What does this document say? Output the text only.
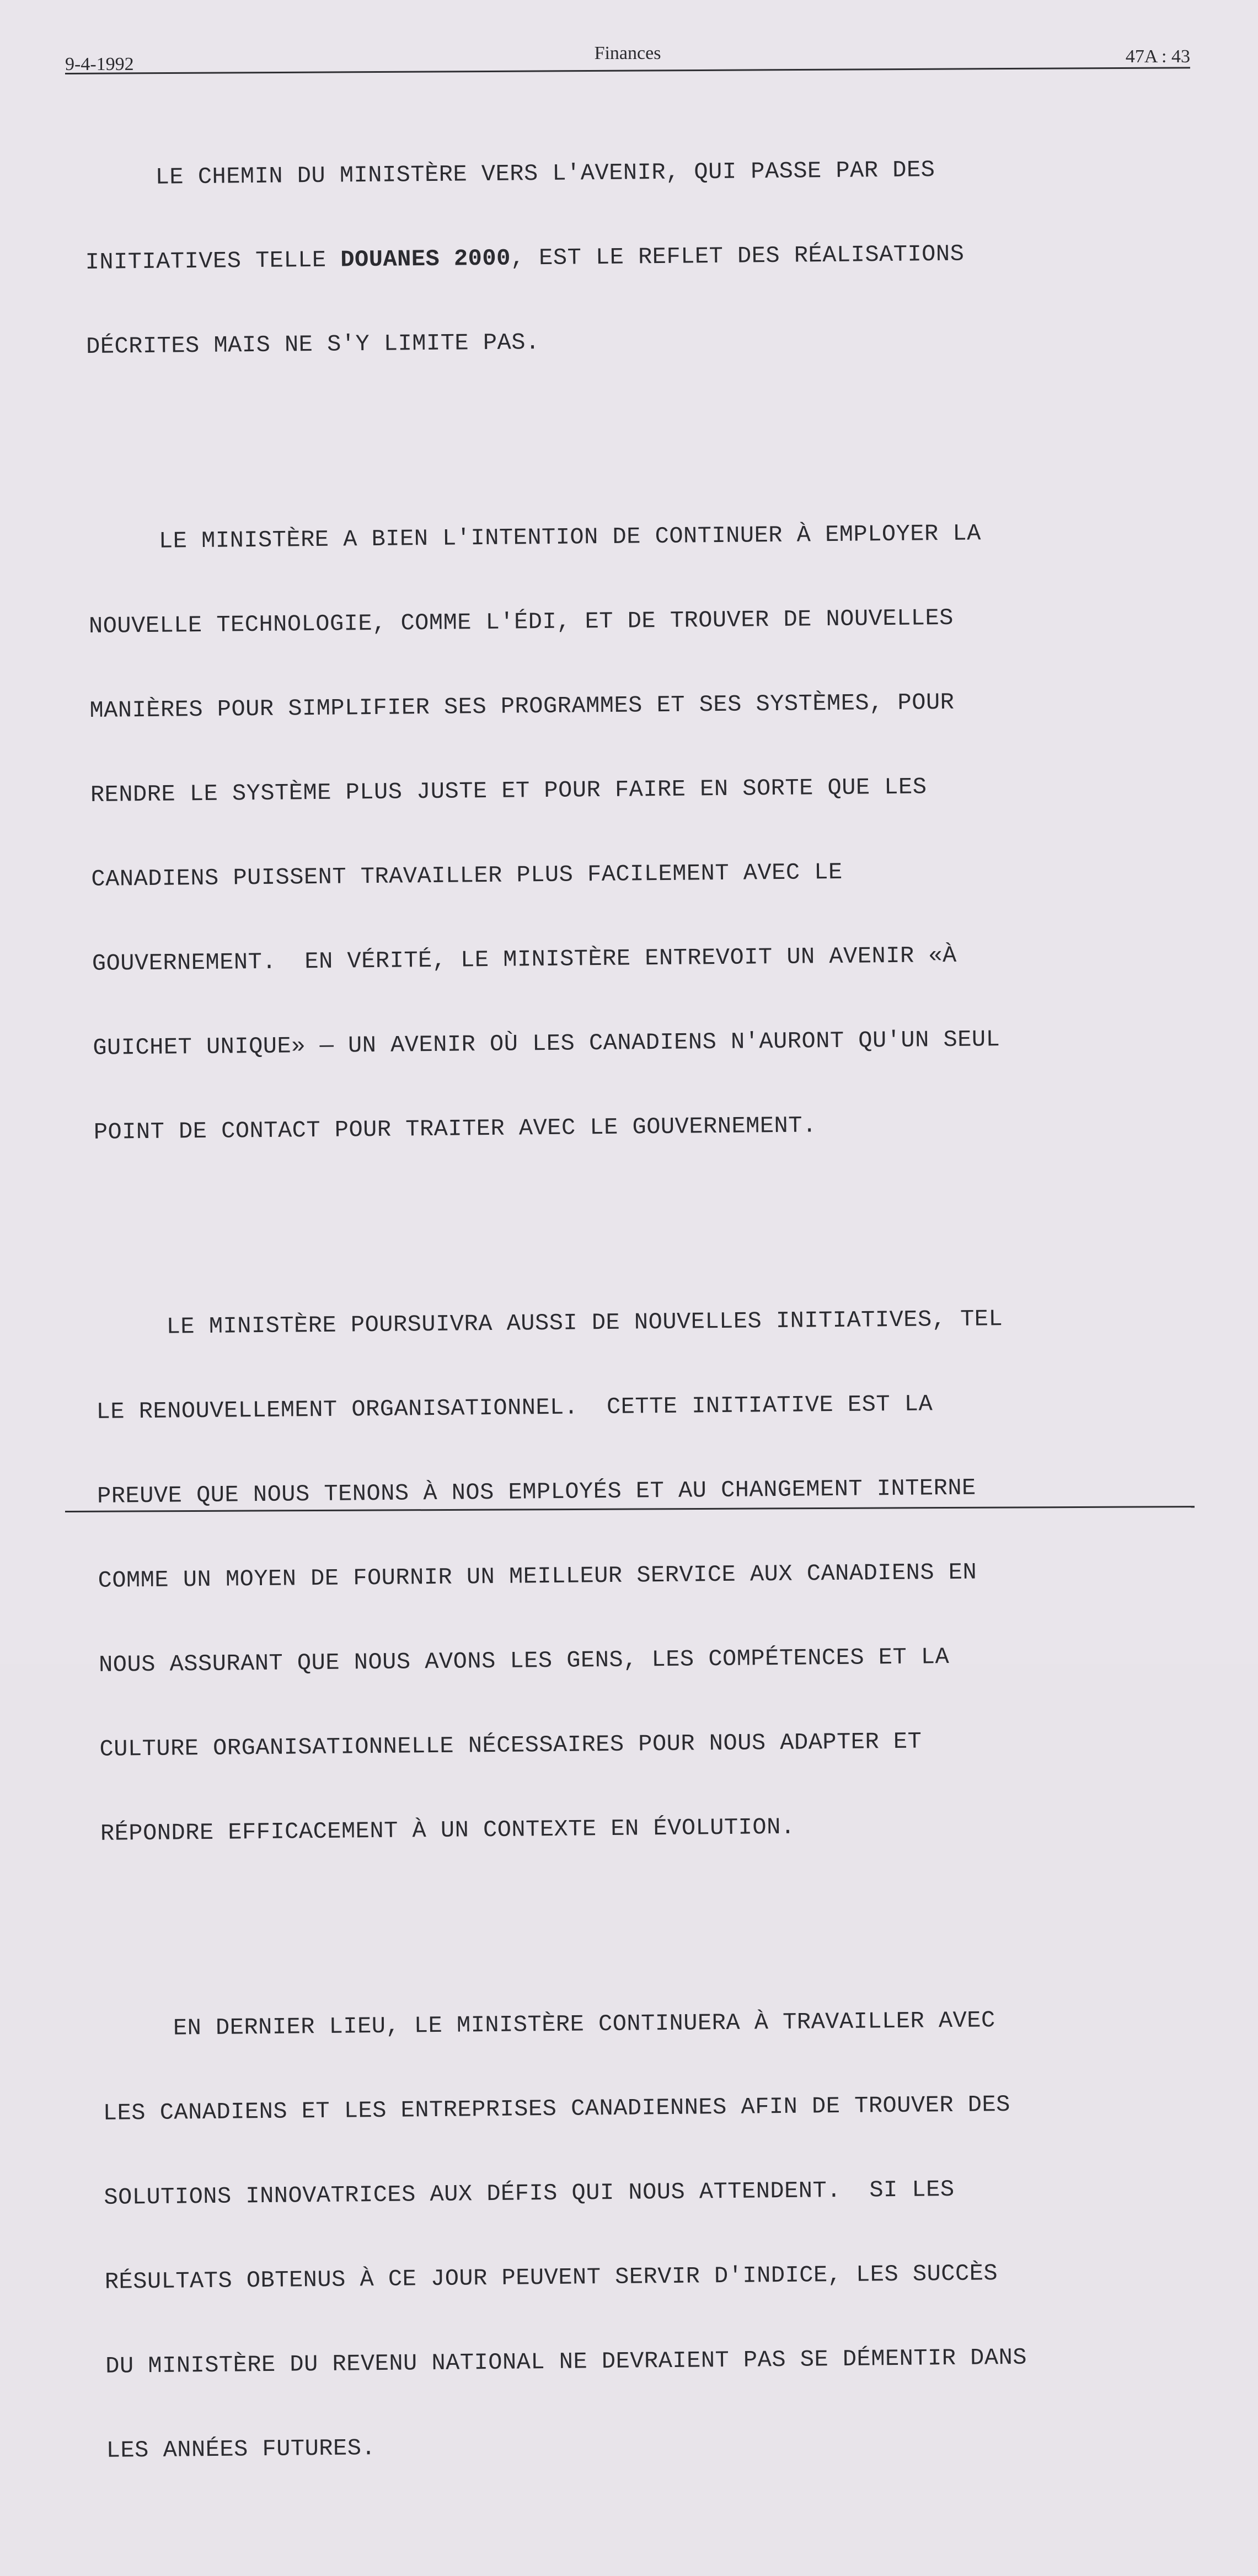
9-4-1992
Finances	47A : 43

LE CHEMIN DU MINISTÈRE VERS L'AVENIR, QUI PASSE PAR DES

INITIATIVES TELLE DOUANES 2000, EST LE REFLET DES RÉALISATIONS

DÉCRITES MAIS NE S'Y LIMITE PAS.

LE MINISTÈRE A BIEN L'INTENTION DE CONTINUER À EMPLOYER LA

NOUVELLE TECHNOLOGIE, COMME L'ÉDI, ET DE TROUVER DE NOUVELLES

MANIÈRES POUR SIMPLIFIER SES PROGRAMMES ET SES SYSTÈMES, POUR

RENDRE LE SYSTÈME PLUS JUSTE ET POUR FAIRE EN SORTE QUE LES

CANADIENS PUISSENT TRAVAILLER PLUS FACILEMENT AVEC LE

GOUVERNEMENT.  EN VÉRITÉ, LE MINISTÈRE ENTREVOIT UN AVENIR «À

GUICHET UNIQUE» — UN AVENIR OÙ LES CANADIENS N'AURONT QU'UN SEUL

POINT DE CONTACT POUR TRAITER AVEC LE GOUVERNEMENT.

LE MINISTÈRE POURSUIVRA AUSSI DE NOUVELLES INITIATIVES, TEL

LE RENOUVELLEMENT ORGANISATIONNEL.  CETTE INITIATIVE EST LA

PREUVE QUE NOUS TENONS À NOS EMPLOYÉS ET AU CHANGEMENT INTERNE

COMME UN MOYEN DE FOURNIR UN MEILLEUR SERVICE AUX CANADIENS EN

NOUS ASSURANT QUE NOUS AVONS LES GENS, LES COMPÉTENCES ET LA

CULTURE ORGANISATIONNELLE NÉCESSAIRES POUR NOUS ADAPTER ET

RÉPONDRE EFFICACEMENT À UN CONTEXTE EN ÉVOLUTION.

EN DERNIER LIEU, LE MINISTÈRE CONTINUERA À TRAVAILLER AVEC

LES CANADIENS ET LES ENTREPRISES CANADIENNES AFIN DE TROUVER DES

SOLUTIONS INNOVATRICES AUX DÉFIS QUI NOUS ATTENDENT.  SI LES

RÉSULTATS OBTENUS À CE JOUR PEUVENT SERVIR D'INDICE, LES SUCCÈS

DU MINISTÈRE DU REVENU NATIONAL NE DEVRAIENT PAS SE DÉMENTIR DANS

LES ANNÉES FUTURES.
